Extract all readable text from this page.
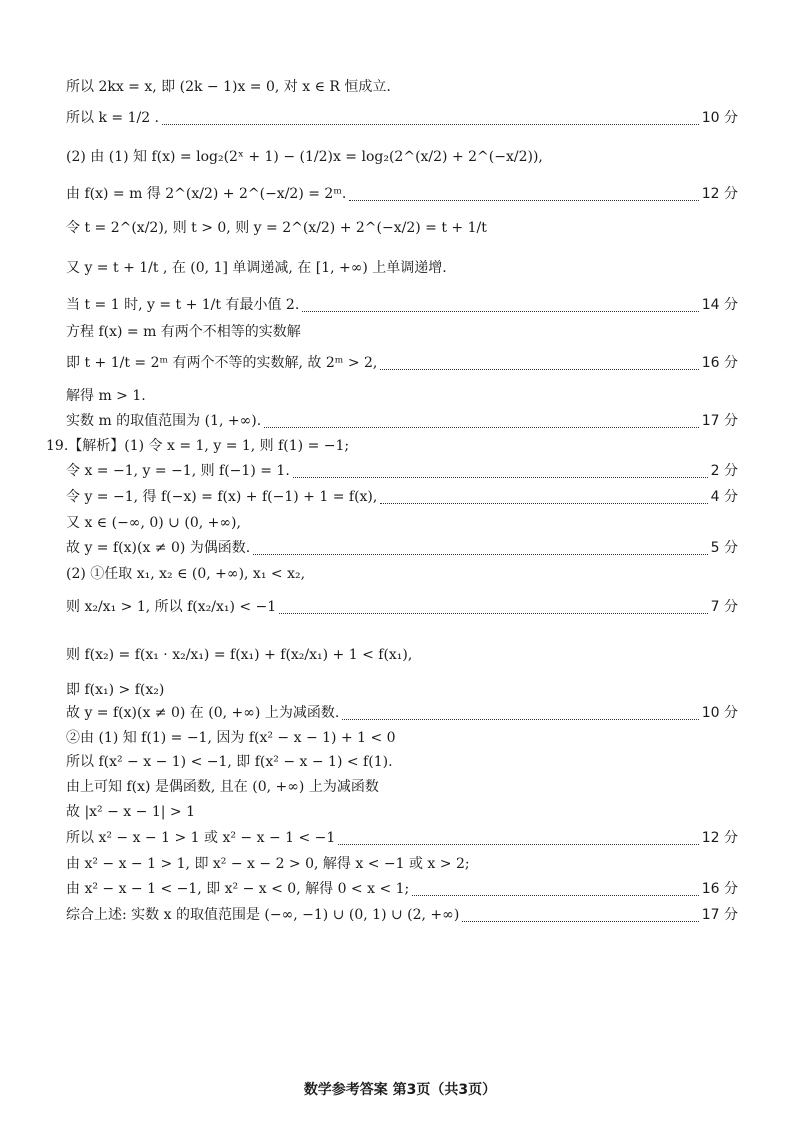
所以 2kx = x, 即 (2k − 1)x = 0, 对 x ∈ R 恒成立.
所以 k = 1/2 .	10 分
(2) 由 (1) 知 f(x) = log₂(2ˣ + 1) − (1/2)x = log₂(2^(x/2) + 2^(−x/2)),
由 f(x) = m 得 2^(x/2) + 2^(−x/2) = 2ᵐ.	12 分
令 t = 2^(x/2), 则 t > 0, 则 y = 2^(x/2) + 2^(−x/2) = t + 1/t
又 y = t + 1/t , 在 (0, 1] 单调递减, 在 [1, +∞) 上单调递增.
当 t = 1 时, y = t + 1/t 有最小值 2.	14 分
方程 f(x) = m 有两个不相等的实数解
即 t + 1/t = 2ᵐ 有两个不等的实数解, 故 2ᵐ > 2,	16 分
解得 m > 1.
实数 m 的取值范围为 (1, +∞).	17 分
19.【解析】(1) 令 x = 1, y = 1, 则 f(1) = −1;
令 x = −1, y = −1, 则 f(−1) = 1.	2 分
令 y = −1, 得 f(−x) = f(x) + f(−1) + 1 = f(x),	4 分
又 x ∈ (−∞, 0) ∪ (0, +∞),
故 y = f(x)(x ≠ 0) 为偶函数.	5 分
(2) ①任取 x₁, x₂ ∈ (0, +∞), x₁ < x₂,
则 x₂/x₁ > 1, 所以 f(x₂/x₁) < −1	7 分
则 f(x₂) = f(x₁ · x₂/x₁) = f(x₁) + f(x₂/x₁) + 1 < f(x₁),
即 f(x₁) > f(x₂)
故 y = f(x)(x ≠ 0) 在 (0, +∞) 上为减函数.	10 分
②由 (1) 知 f(1) = −1, 因为 f(x² − x − 1) + 1 < 0
所以 f(x² − x − 1) < −1, 即 f(x² − x − 1) < f(1).
由上可知 f(x) 是偶函数, 且在 (0, +∞) 上为减函数
故 |x² − x − 1| > 1
所以 x² − x − 1 > 1 或 x² − x − 1 < −1	12 分
由 x² − x − 1 > 1, 即 x² − x − 2 > 0, 解得 x < −1 或 x > 2;
由 x² − x − 1 < −1, 即 x² − x < 0, 解得 0 < x < 1;	16 分
综合上述: 实数 x 的取值范围是 (−∞, −1) ∪ (0, 1) ∪ (2, +∞)	17 分
数学参考答案 第3页（共3页）
